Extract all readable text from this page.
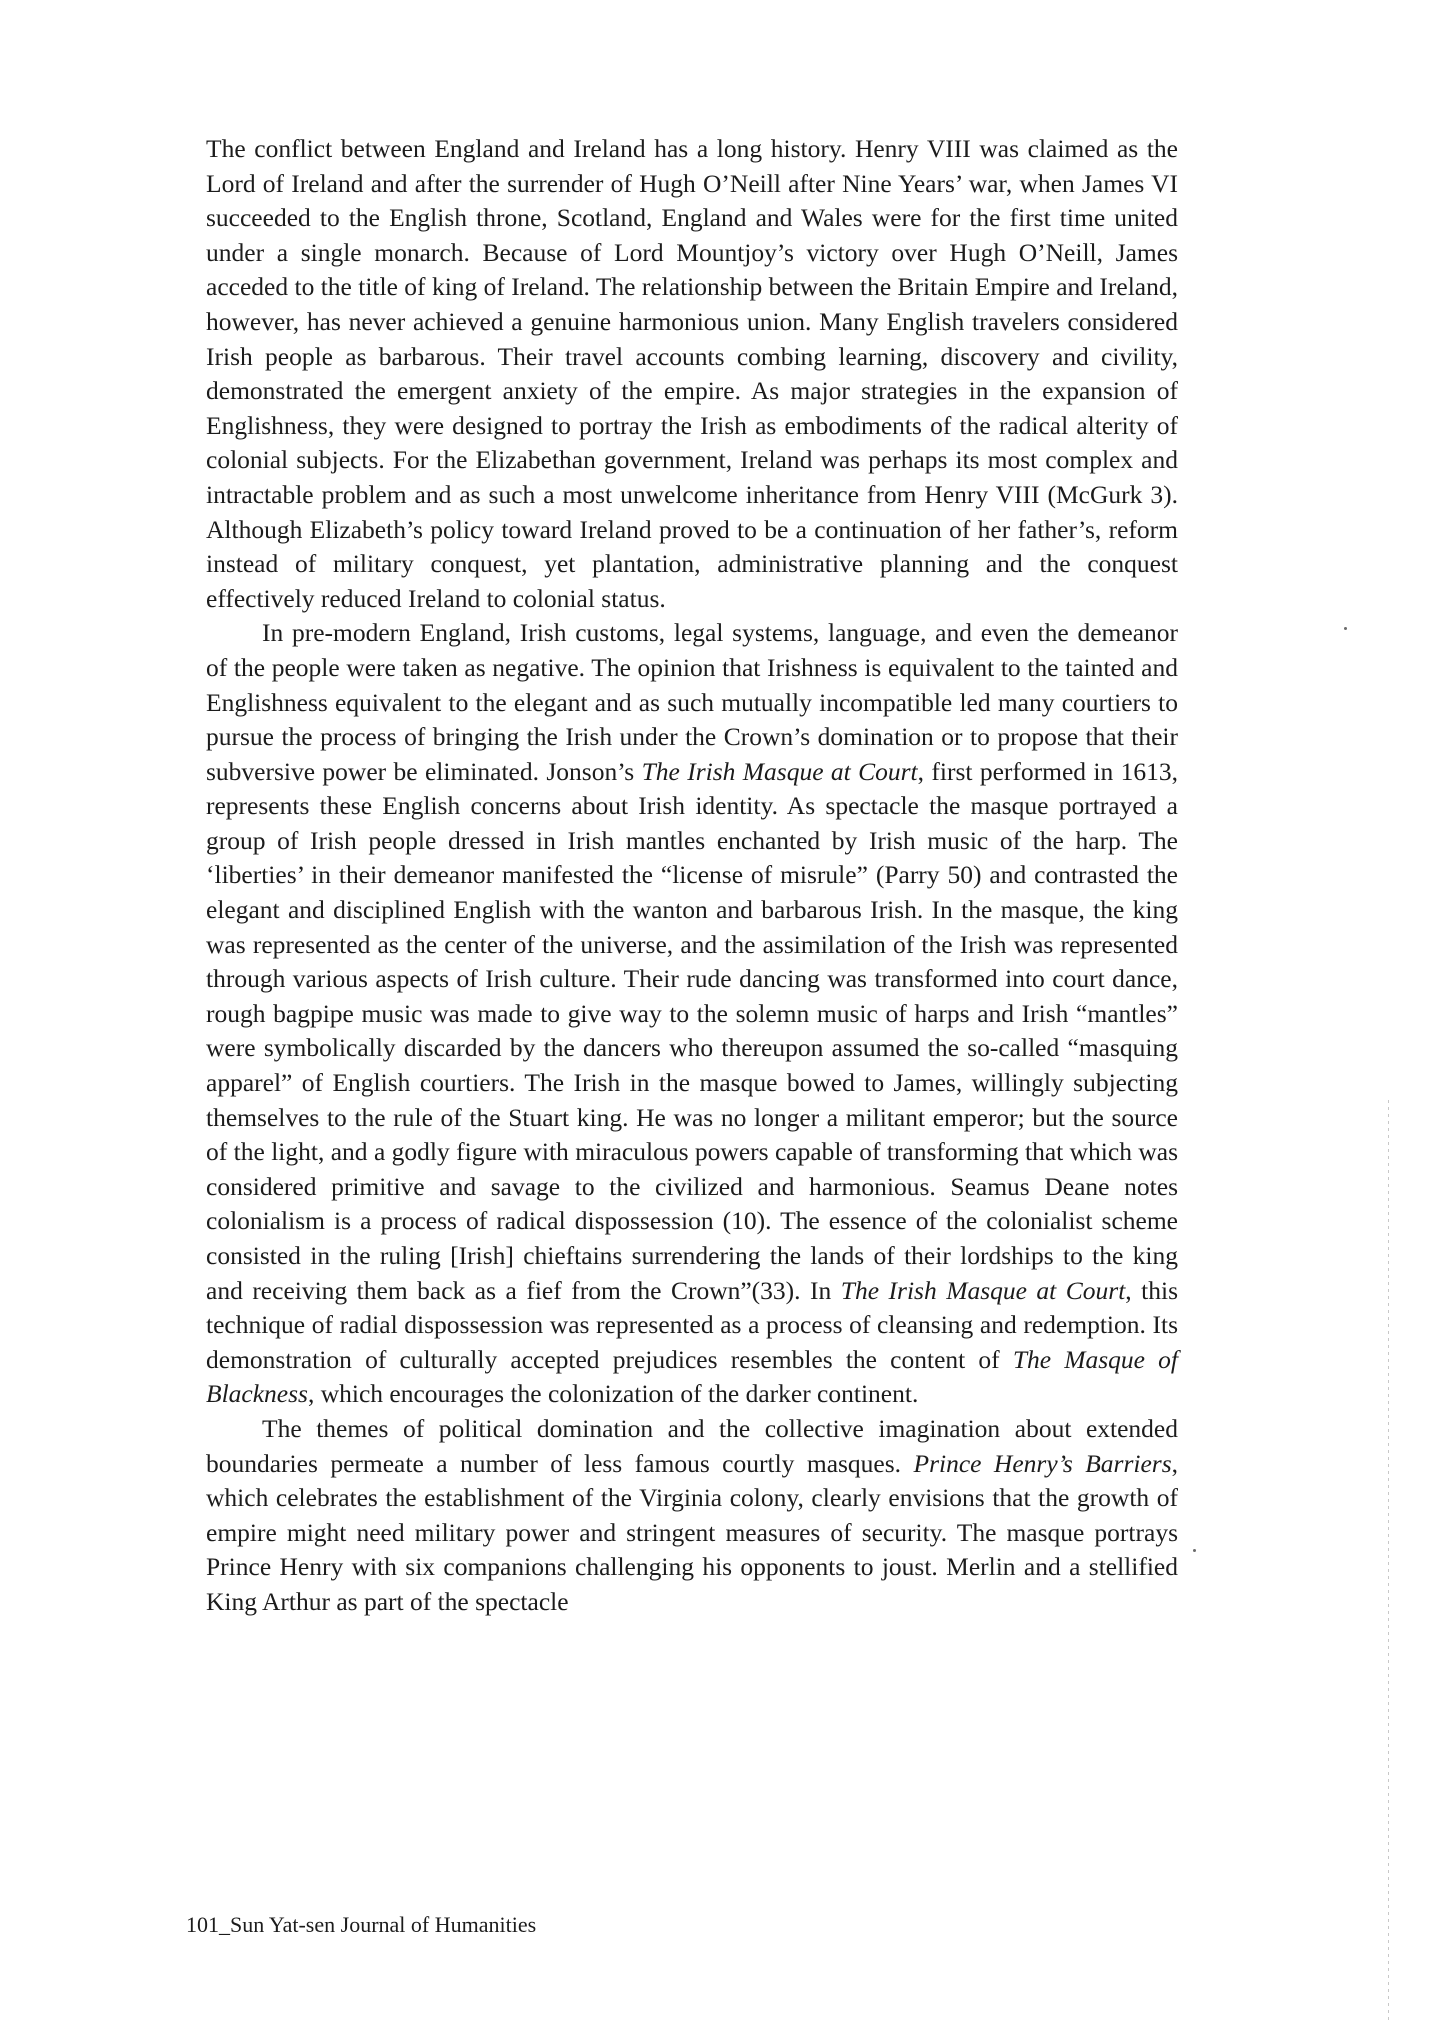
The conflict between England and Ireland has a long history. Henry VIII was claimed as the Lord of Ireland and after the surrender of Hugh O’Neill after Nine Years’ war, when James VI succeeded to the English throne, Scotland, England and Wales were for the first time united under a single monarch. Because of Lord Mountjoy’s victory over Hugh O’Neill, James acceded to the title of king of Ireland. The relationship between the Britain Empire and Ireland, however, has never achieved a genuine harmonious union. Many English travelers considered Irish people as barbarous. Their travel accounts combing learning, discovery and civility, demonstrated the emergent anxiety of the empire. As major strategies in the expansion of Englishness, they were designed to portray the Irish as embodiments of the radical alterity of colonial subjects. For the Elizabethan government, Ireland was perhaps its most complex and intractable problem and as such a most unwelcome inheritance from Henry VIII (McGurk 3). Although Elizabeth’s policy toward Ireland proved to be a continuation of her father’s, reform instead of military conquest, yet plantation, administrative planning and the conquest effectively reduced Ireland to colonial status.

In pre-modern England, Irish customs, legal systems, language, and even the demeanor of the people were taken as negative. The opinion that Irishness is equivalent to the tainted and Englishness equivalent to the elegant and as such mutually incompatible led many courtiers to pursue the process of bringing the Irish under the Crown’s domination or to propose that their subversive power be eliminated. Jonson’s The Irish Masque at Court, first performed in 1613, represents these English concerns about Irish identity. As spectacle the masque portrayed a group of Irish people dressed in Irish mantles enchanted by Irish music of the harp. The ‘liberties’ in their demeanor manifested the “license of misrule” (Parry 50) and contrasted the elegant and disciplined English with the wanton and barbarous Irish. In the masque, the king was represented as the center of the universe, and the assimilation of the Irish was represented through various aspects of Irish culture. Their rude dancing was transformed into court dance, rough bagpipe music was made to give way to the solemn music of harps and Irish “mantles” were symbolically discarded by the dancers who thereupon assumed the so-called “masquing apparel” of English courtiers. The Irish in the masque bowed to James, willingly subjecting themselves to the rule of the Stuart king. He was no longer a militant emperor; but the source of the light, and a godly figure with miraculous powers capable of transforming that which was considered primitive and savage to the civilized and harmonious. Seamus Deane notes colonialism is a process of radical dispossession (10). The essence of the colonialist scheme consisted in the ruling [Irish] chieftains surrendering the lands of their lordships to the king and receiving them back as a fief from the Crown”(33). In The Irish Masque at Court, this technique of radial dispossession was represented as a process of cleansing and redemption. Its demonstration of culturally accepted prejudices resembles the content of The Masque of Blackness, which encourages the colonization of the darker continent.

The themes of political domination and the collective imagination about extended boundaries permeate a number of less famous courtly masques. Prince Henry’s Barriers, which celebrates the establishment of the Virginia colony, clearly envisions that the growth of empire might need military power and stringent measures of security. The masque portrays Prince Henry with six companions challenging his opponents to joust. Merlin and a stellified King Arthur as part of the spectacle

101_Sun Yat-sen Journal of Humanities
